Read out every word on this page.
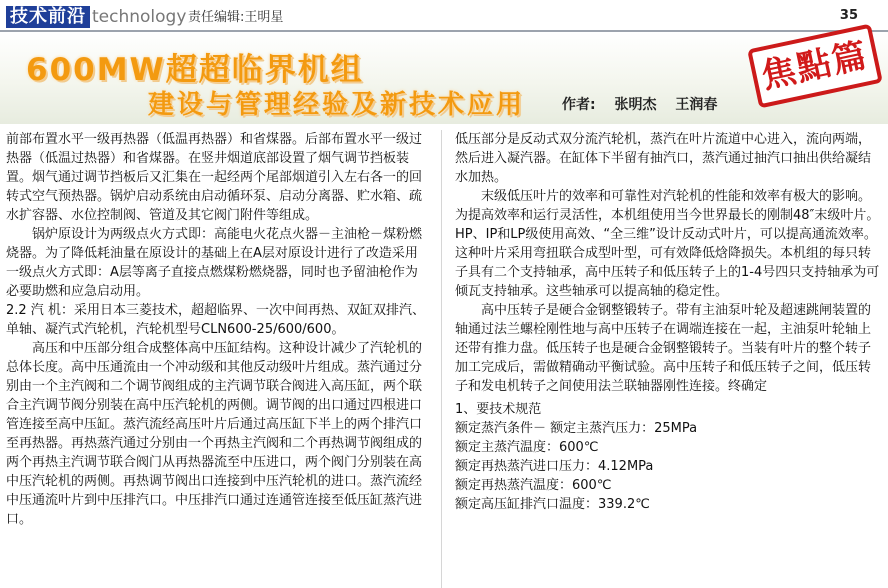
技术前沿 technology 责任编辑:王明星	35
600MW超超临界机组
建设与管理经验及新技术应用	作者: 张明杰 王润春
焦點篇

前部布置水平一级再热器（低温再热器）和省煤器。后部布置水平一级过热器（低温过热器）和省煤器。在竖井烟道底部设置了烟气调节挡板装置。烟气通过调节挡板后又汇集在一起经两个尾部烟道引入左右各一的回转式空气预热器。锅炉启动系统由启动循环泵、启动分离器、贮水箱、疏水扩容器、水位控制阀、管道及其它阀门附件等组成。

锅炉原设计为两级点火方式即：高能电火花点火器－主油枪－煤粉燃烧器。为了降低耗油量在原设计的基础上在A层对原设计进行了改造采用一级点火方式即：A层等离子直接点燃煤粉燃烧器，同时也予留油枪作为必要助燃和应急启动用。

2.2 汽 机：采用日本三菱技术，超超临界、一次中间再热、双缸双排汽、单轴、凝汽式汽轮机，汽轮机型号CLN600-25/600/600。

高压和中压部分组合成整体高中压缸结构。这种设计减少了汽轮机的总体长度。高中压通流由一个冲动级和其他反动级叶片组成。蒸汽通过分别由一个主汽阀和二个调节阀组成的主汽调节联合阀进入高压缸，两个联合主汽调节阀分别装在高中压汽轮机的两侧。调节阀的出口通过四根进口管连接至高中压缸。蒸汽流经高压叶片后通过高压缸下半上的两个排汽口至再热器。再热蒸汽通过分别由一个再热主汽阀和二个再热调节阀组成的两个再热主汽调节联合阀门从再热器流至中压进口，两个阀门分别装在高中压汽轮机的两侧。再热调节阀出口连接到中压汽轮机的进口。蒸汽流经中压通流叶片到中压排汽口。中压排汽口通过连通管连接至低压缸蒸汽进口。

低压部分是反动式双分流汽轮机，蒸汽在叶片流道中心进入，流向两端，然后进入凝汽器。在缸体下半留有抽汽口，蒸汽通过抽汽口抽出供给凝结水加热。

末级低压叶片的效率和可靠性对汽轮机的性能和效率有极大的影响。为提高效率和运行灵活性，本机组使用当今世界最长的刚制48″末级叶片。HP、IP和LP级使用高效、“全三维”设计反动式叶片，可以提高通流效率。这种叶片采用弯扭联合成型叶型，可有效降低焓降损失。本机组的每只转子具有二个支持轴承，高中压转子和低压转子上的1-4号四只支持轴承为可倾瓦支持轴承。这些轴承可以提高轴的稳定性。

高中压转子是硬合金钢整锻转子。带有主油泵叶轮及超速跳闸装置的轴通过法兰螺栓刚性地与高中压转子在调端连接在一起，主油泵叶轮轴上还带有推力盘。低压转子也是硬合金钢整锻转子。当装有叶片的整个转子加工完成后，需做精确动平衡试验。高中压转子和低压转子之间，低压转子和发电机转子之间使用法兰联轴器刚性连接。终确定

1、要技术规范

额定蒸汽条件－ 额定主蒸汽压力：25MPa

额定主蒸汽温度：600℃

额定再热蒸汽进口压力：4.12MPa

额定再热蒸汽温度：600℃

额定高压缸排汽口温度：339.2℃
